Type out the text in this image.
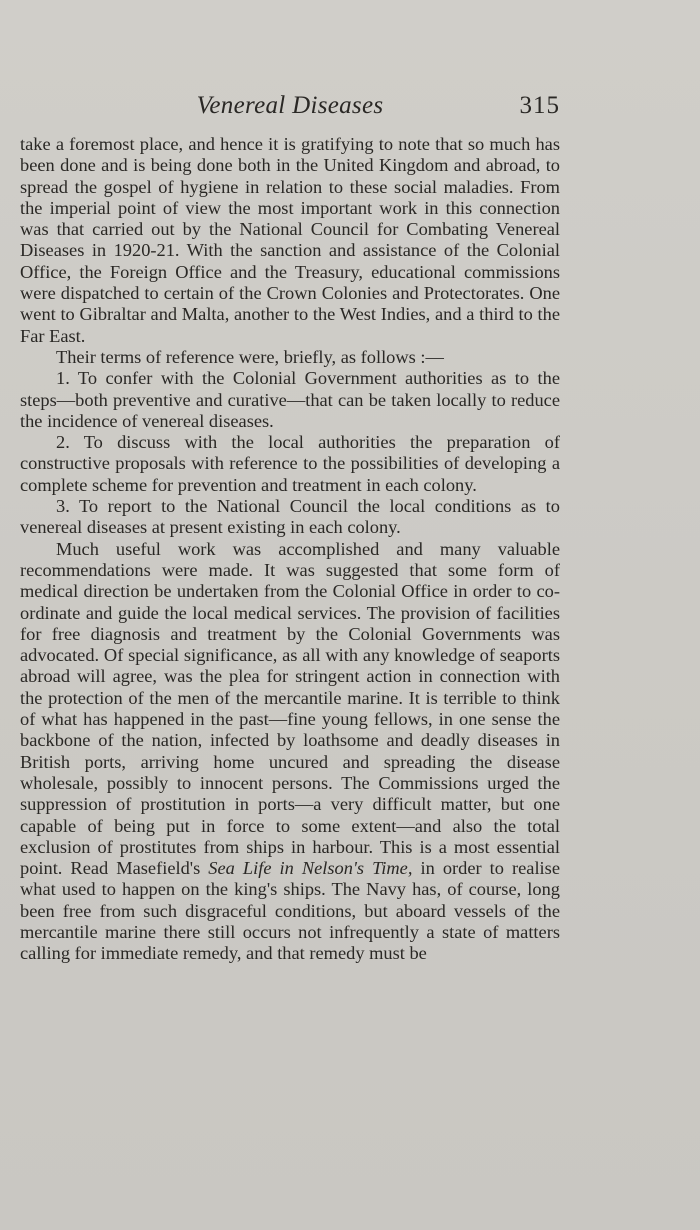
Venereal Diseases	315

take a foremost place, and hence it is gratifying to note that so much has been done and is being done both in the United Kingdom and abroad, to spread the gospel of hygiene in relation to these social maladies. From the imperial point of view the most important work in this connection was that carried out by the National Council for Combating Venereal Diseases in 1920-21. With the sanction and assistance of the Colonial Office, the Foreign Office and the Treasury, educational commissions were dispatched to certain of the Crown Colonies and Protectorates. One went to Gibraltar and Malta, another to the West Indies, and a third to the Far East.

Their terms of reference were, briefly, as follows :—

1. To confer with the Colonial Government authorities as to the steps—both preventive and curative—that can be taken locally to reduce the incidence of venereal diseases.

2. To discuss with the local authorities the preparation of constructive proposals with reference to the possibilities of developing a complete scheme for prevention and treatment in each colony.

3. To report to the National Council the local conditions as to venereal diseases at present existing in each colony.

Much useful work was accomplished and many valuable recommendations were made. It was suggested that some form of medical direction be undertaken from the Colonial Office in order to co-ordinate and guide the local medical services. The provision of facilities for free diagnosis and treatment by the Colonial Governments was advocated. Of special significance, as all with any knowledge of seaports abroad will agree, was the plea for stringent action in connection with the protection of the men of the mercantile marine. It is terrible to think of what has happened in the past—fine young fellows, in one sense the backbone of the nation, infected by loathsome and deadly diseases in British ports, arriving home uncured and spreading the disease wholesale, possibly to innocent persons. The Commissions urged the suppression of prostitution in ports—a very difficult matter, but one capable of being put in force to some extent—and also the total exclusion of prostitutes from ships in harbour. This is a most essential point. Read Masefield's Sea Life in Nelson's Time, in order to realise what used to happen on the king's ships. The Navy has, of course, long been free from such disgraceful conditions, but aboard vessels of the mercantile marine there still occurs not infrequently a state of matters calling for immediate remedy, and that remedy must be
